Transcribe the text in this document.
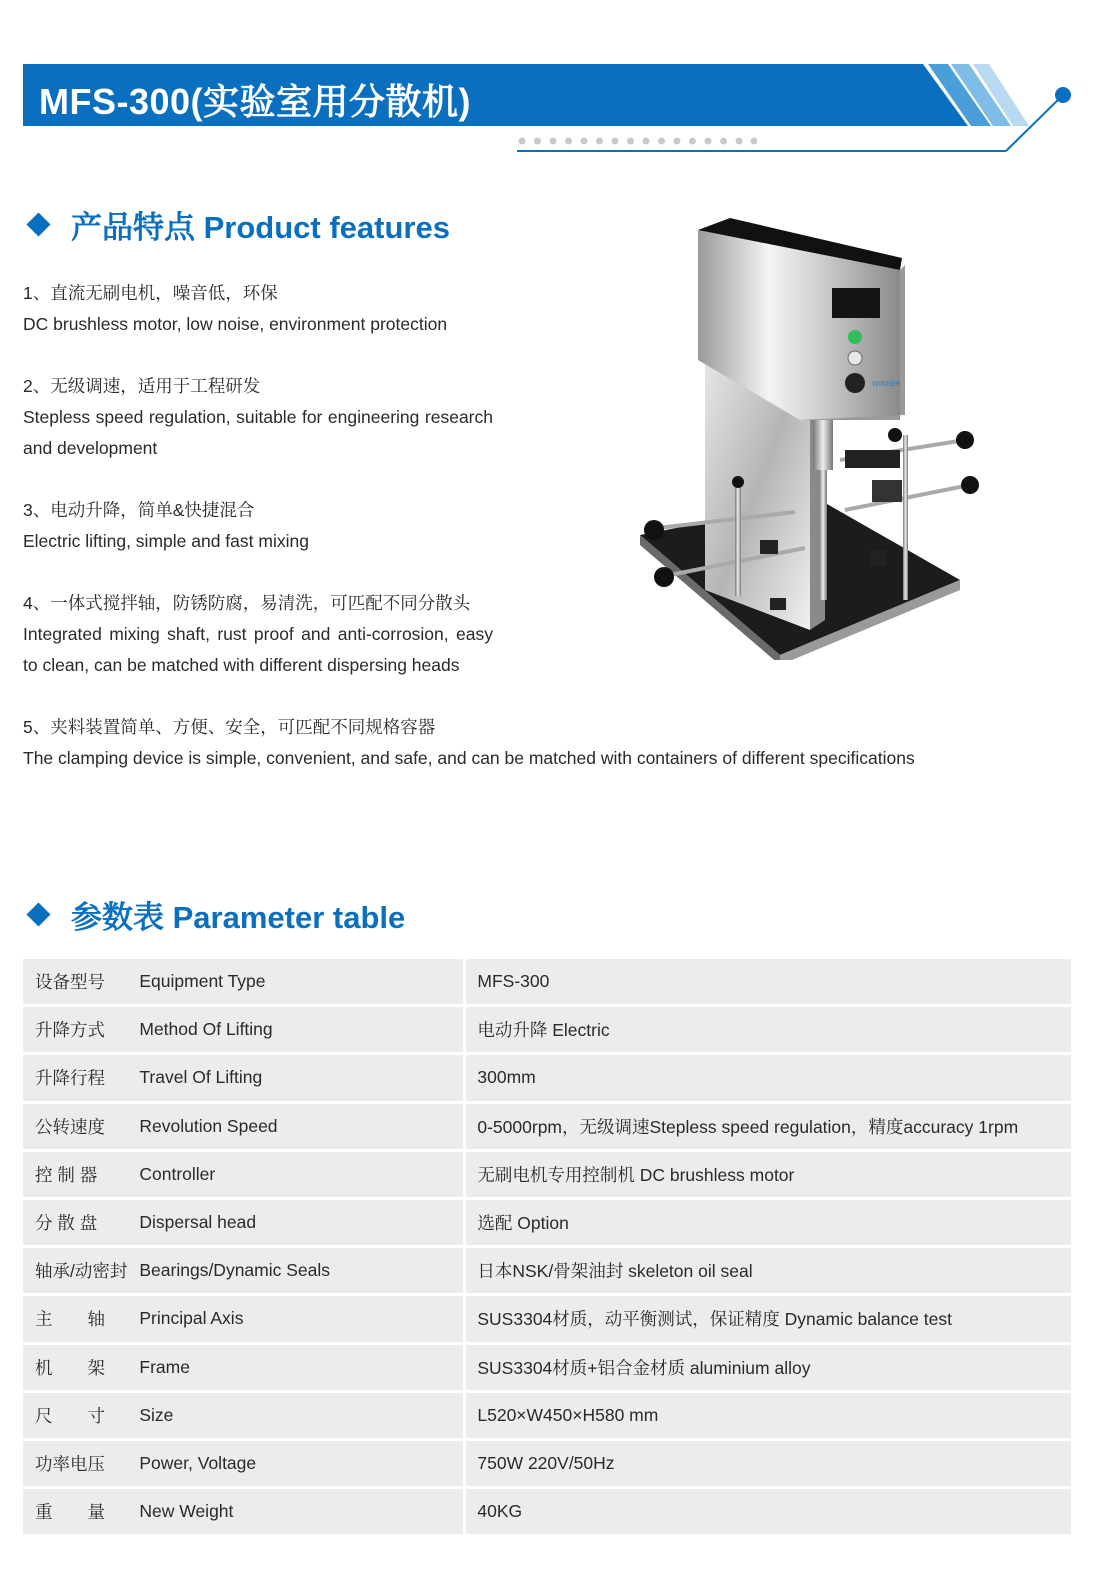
MFS-300(实验室用分散机)
产品特点 Product features
1、直流无刷电机，噪音低，环保
DC brushless motor, low noise, environment protection
2、无级调速，适用于工程研发
Stepless speed regulation, suitable for engineering research and development
3、电动升降，简单&快捷混合
Electric lifting, simple and fast mixing
4、一体式搅拌轴，防锈防腐，易清洗，可匹配不同分散头
Integrated mixing shaft, rust proof and anti-corrosion, easy to clean, can be matched with different dispersing heads
5、夹料装置简单、方便、安全，可匹配不同规格容器
The clamping device is simple, convenient, and safe, and can be matched with containers of different specifications
WINNER
参数表 Parameter table
设备型号	Equipment Type	MFS-300
升降方式	Method Of Lifting	电动升降 Electric
升降行程	Travel Of Lifting	300mm
公转速度	Revolution Speed	0-5000rpm，无级调速Stepless speed regulation，精度accuracy 1rpm
控 制 器	Controller	无刷电机专用控制机 DC brushless motor
分 散 盘	Dispersal head	选配 Option
轴承/动密封	Bearings/Dynamic Seals	日本NSK/骨架油封 skeleton oil seal
主　　轴	Principal Axis	SUS3304材质，动平衡测试，保证精度 Dynamic balance test
机　　架	Frame	SUS3304材质+铝合金材质 aluminium alloy
尺　　寸	Size	L520×W450×H580 mm
功率电压	Power, Voltage	750W 220V/50Hz
重　　量	New Weight	40KG
